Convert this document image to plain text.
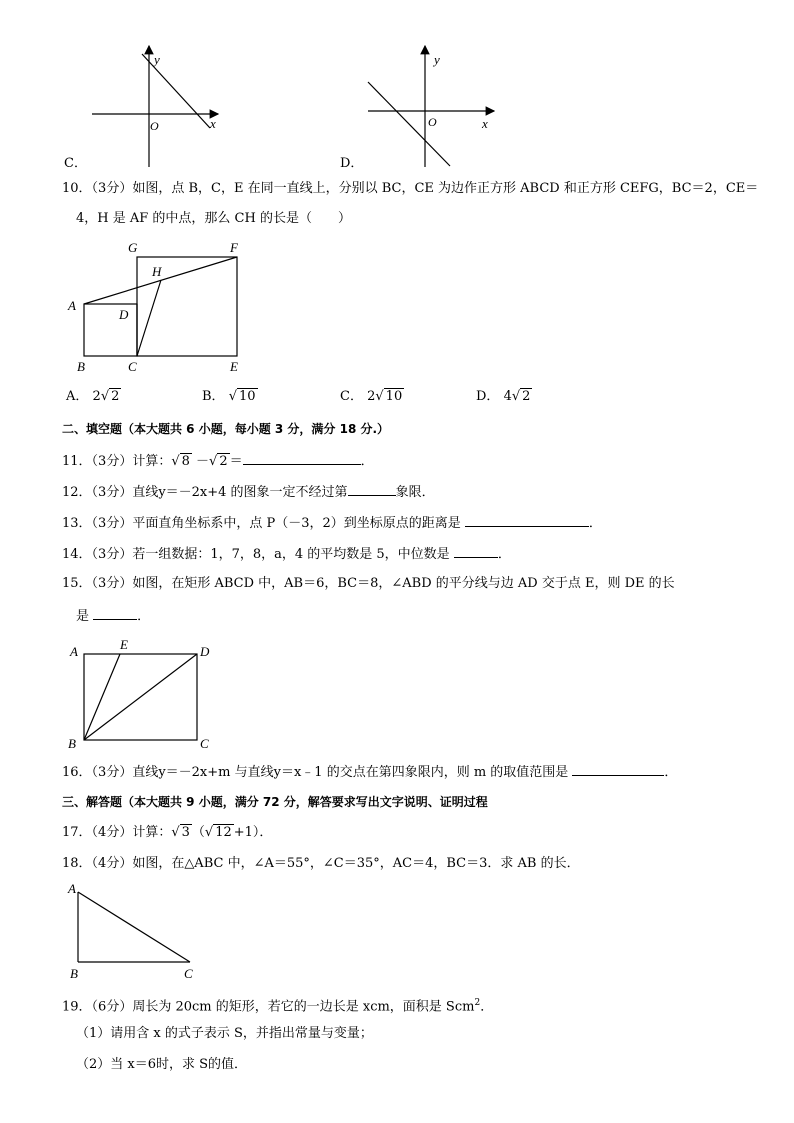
y
x
O
C．
y
x
O
D．
10．（3分）如图，点 B，C，E 在同一直线上，分别以 BC，CE 为边作正方形 ABCD 和正方形 CEFG，BC＝2，CE＝
4，H 是 AF 的中点，那么 CH 的长是（　　）
G	F
H
A
D
B	C	E
A． 2√ 2	B． √ 10	C． 2√ 10	D． 4√ 2
二、填空题（本大题共 6 小题，每小题 3 分，满分 18 分.）
11．（3分）计算：√ 8 －√ 2 ＝	．
12．（3分）直线y＝－2x+4 的图象一定不经过第	象限．
13．（3分）平面直角坐标系中，点 P（－3，2）到坐标原点的距离是	．
14．（3分）若一组数据：1，7，8，a，4 的平均数是 5，中位数是	．
15．（3分）如图，在矩形 ABCD 中，AB＝6，BC＝8，∠ABD 的平分线与边 AD 交于点 E，则 DE 的长
是	．
A	E	D
B	C
16．（3分）直线y＝－2x+m 与直线y＝x﹣1 的交点在第四象限内，则 m 的取值范围是	．
三、解答题（本大题共 9 小题，满分 72 分，解答要求写出文字说明、证明过程
17．（4分）计算：√ 3 （√ 12 +1）．
18．（4分）如图，在△ABC 中，∠A＝55°，∠C＝35°，AC＝4，BC＝3．求 AB 的长．
A
B	C
19．（6分）周长为 20cm 的矩形，若它的一边长是 xcm，面积是 Scm$^2$．
（1）请用含 x 的式子表示 S，并指出常量与变量；
（2）当 x＝6时，求 S的值．
